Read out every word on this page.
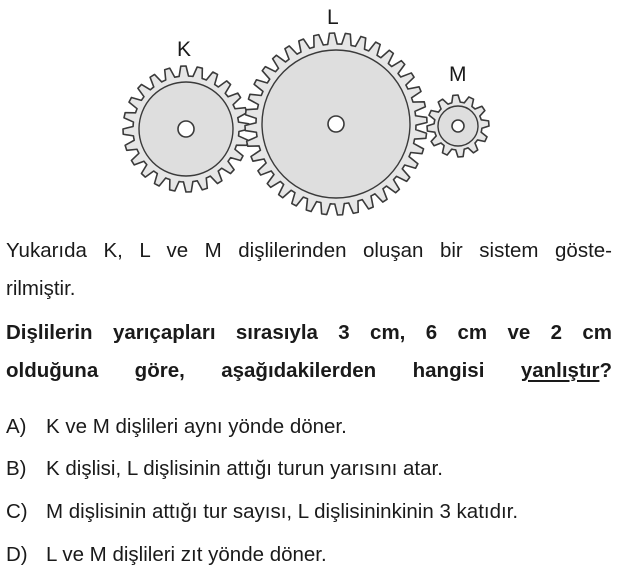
K
L
M
Yukarıda K, L ve M dişlilerinden oluşan bir sistem göste-
rilmiştir.
Dişlilerin yarıçapları sırasıyla 3 cm, 6 cm ve 2 cm
olduğuna göre, aşağıdakilerden hangisi yanlıştır?
A) K ve M dişlileri aynı yönde döner.
B) K dişlisi, L dişlisinin attığı turun yarısını atar.
C) M dişlisinin attığı tur sayısı, L dişlisininkinin 3 katıdır.
D) L ve M dişlileri zıt yönde döner.
